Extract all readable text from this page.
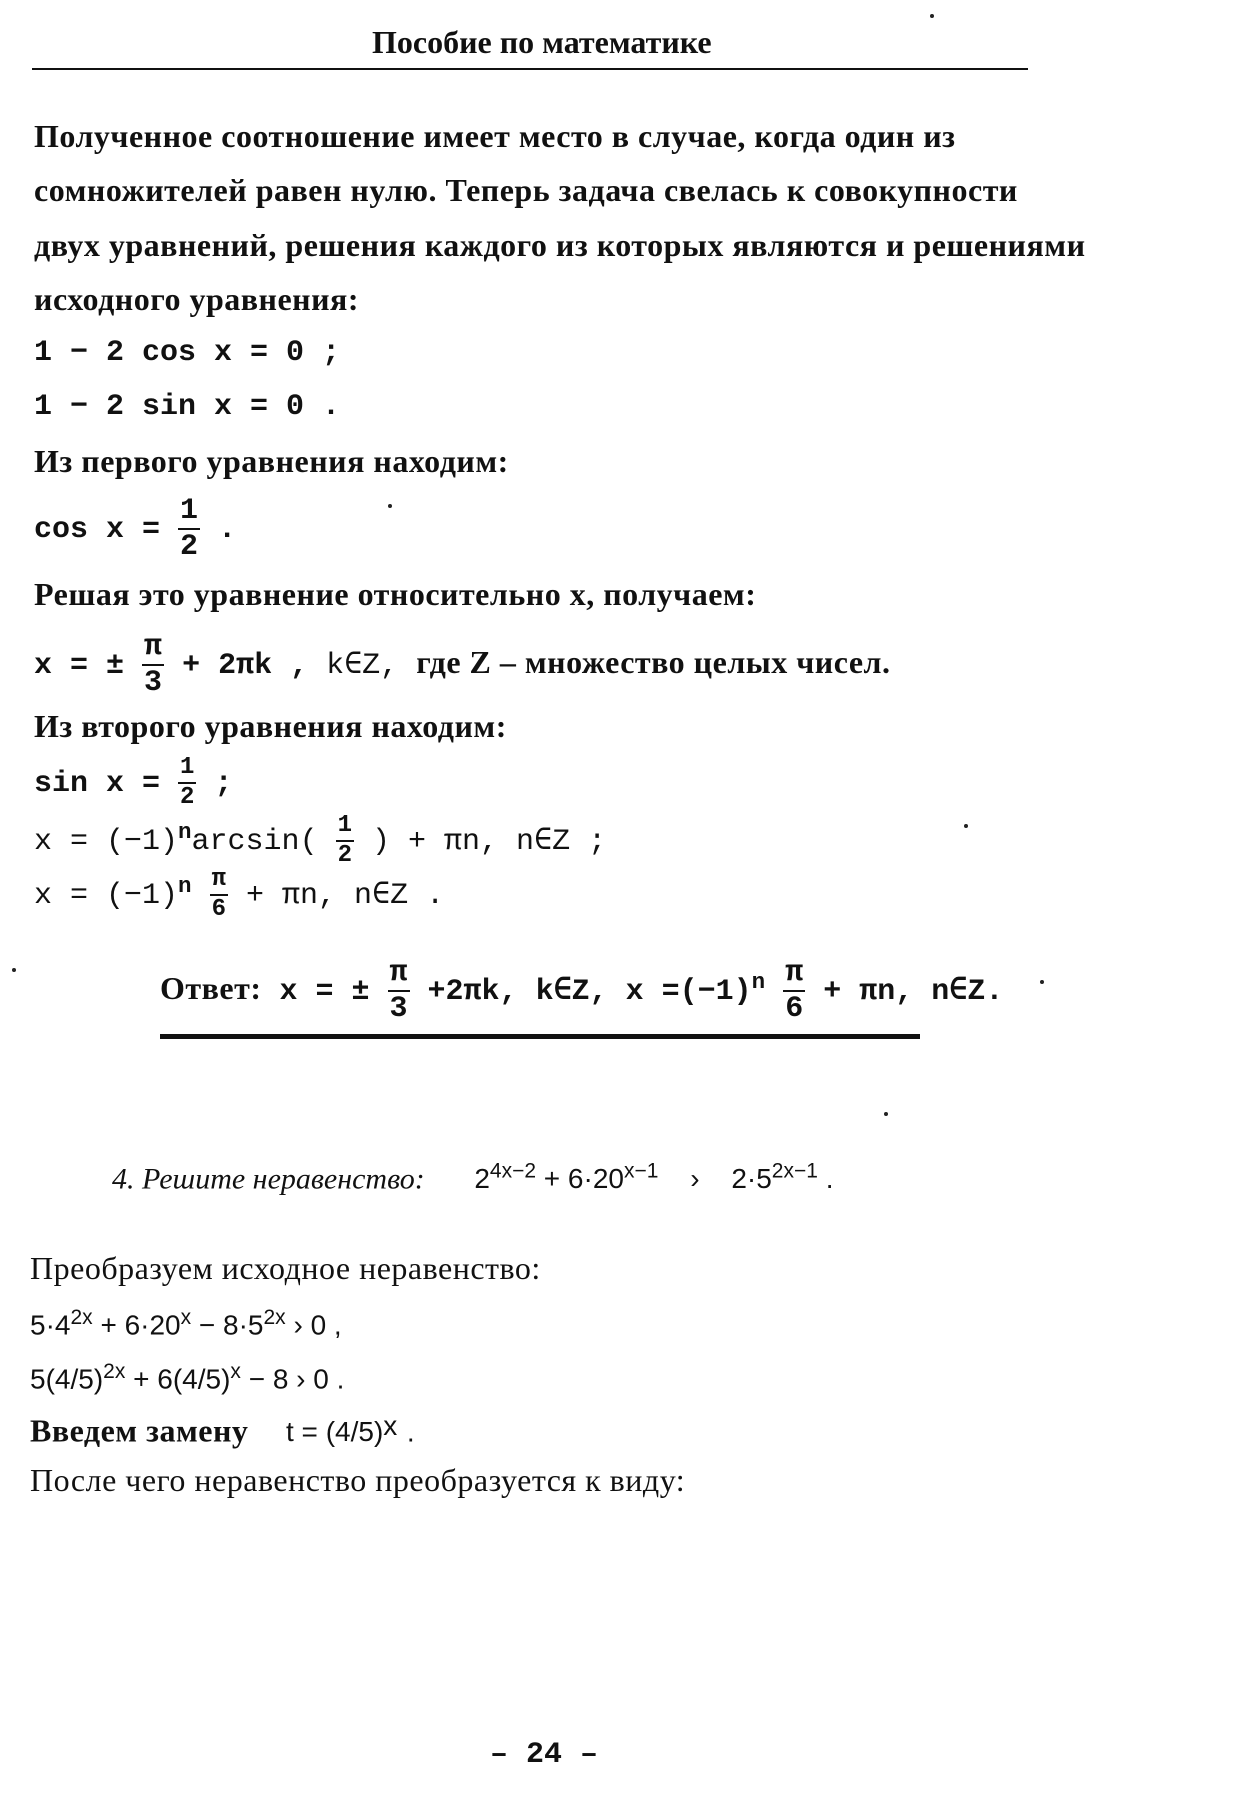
Пособие по математике
Полученное соотношение имеет место в случае, когда один из
сомножителей равен нулю. Теперь задача свелась к совокупности
двух уравнений, решения каждого из которых являются и решениями
исходного уравнения:
1 − 2 cos x = 0 ;
1 − 2 sin x = 0 .
Из первого уравнения находим:
$\cos x = \frac{1}{2}$ .
Решая это уравнение относительно x, получаем:
x = ± $\frac{\pi}{3} + 2\pi k$ , k∈Z, где Z – множество целых чисел.
Из второго уравнения находим:
$\sin x = \frac{1}{2}$ ;
$x = (-1)^n\arcsin( \frac{1}{2}$ ) + πn, n∈Z ;
$x = (-1)^n \frac{\pi}{6} + \pi n$, n∈Z .
Ответ: x = ± $\frac{\pi}{3} +2\pi k$, k∈Z, $x =(-1)^n \frac{\pi}{6} + \pi n$, n∈Z.
4. Решите неравенство: $2^{4x-2} + 6\cdot 20^{x-1}$ › $2\cdot 5^{2x-1}$ .
Преобразуем исходное неравенство:
$5\cdot 4^{2x} + 6\cdot 20^x - 8\cdot 5^{2x}$ › 0 ,
$5(4/5)^{2x} + 6(4/5)^x - 8$ › 0 .
Введем замену $t = (4/5)^x$ .
После чего неравенство преобразуется к виду:
– 24 –
